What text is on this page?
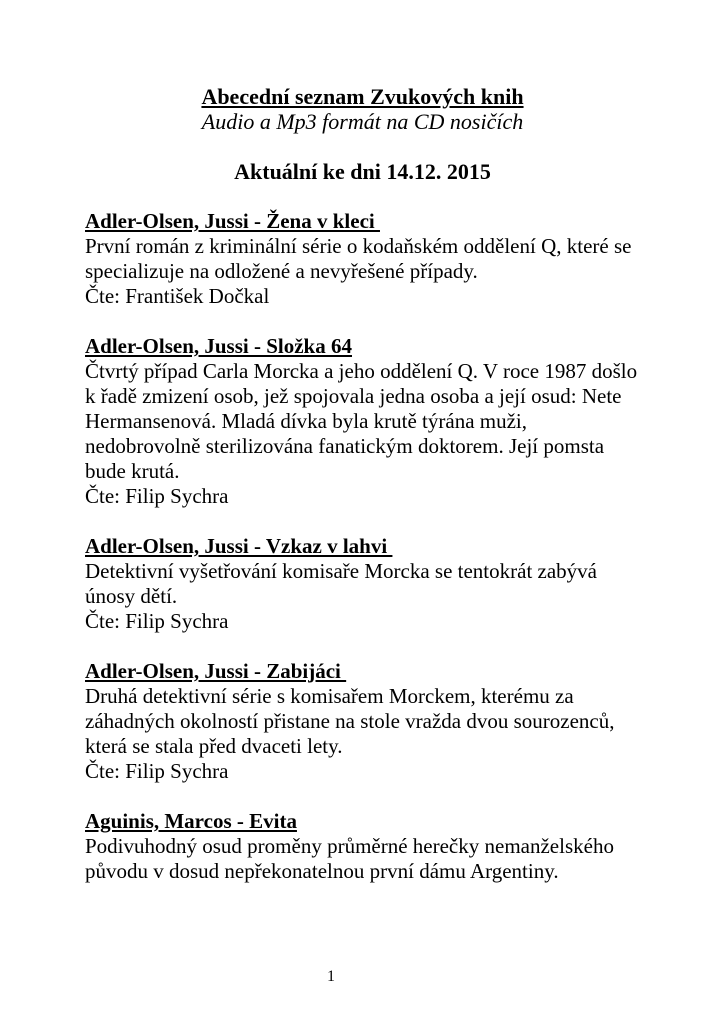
Abecední seznam Zvukových knih
Audio a Mp3 formát na CD nosičích
Aktuální ke dni 14.12. 2015
Adler-Olsen, Jussi - Žena v kleci
První román z kriminální série o kodaňském oddělení Q, které se specializuje na odložené a nevyřešené případy.
Čte: František Dočkal
Adler-Olsen, Jussi - Složka 64
Čtvrtý případ Carla Morcka a jeho oddělení Q. V roce 1987 došlo k řadě zmizení osob, jež spojovala jedna osoba a její osud: Nete Hermansenová. Mladá dívka byla krutě týrána muži, nedobrovolně sterilizována fanatickým doktorem. Její pomsta bude krutá.
Čte: Filip Sychra
Adler-Olsen, Jussi - Vzkaz v lahvi
Detektivní vyšetřování komisaře Morcka se tentokrát zabývá únosy dětí.
Čte: Filip Sychra
Adler-Olsen, Jussi - Zabijáci
Druhá detektivní série s komisařem Morckem, kterému za záhadných okolností přistane na stole vražda dvou sourozenců, která se stala před dvaceti lety.
Čte: Filip Sychra
Aguinis, Marcos - Evita
Podivuhodný osud proměny průměrné herečky nemanželského původu v dosud nepřekonatelnou první dámu Argentiny.
1
